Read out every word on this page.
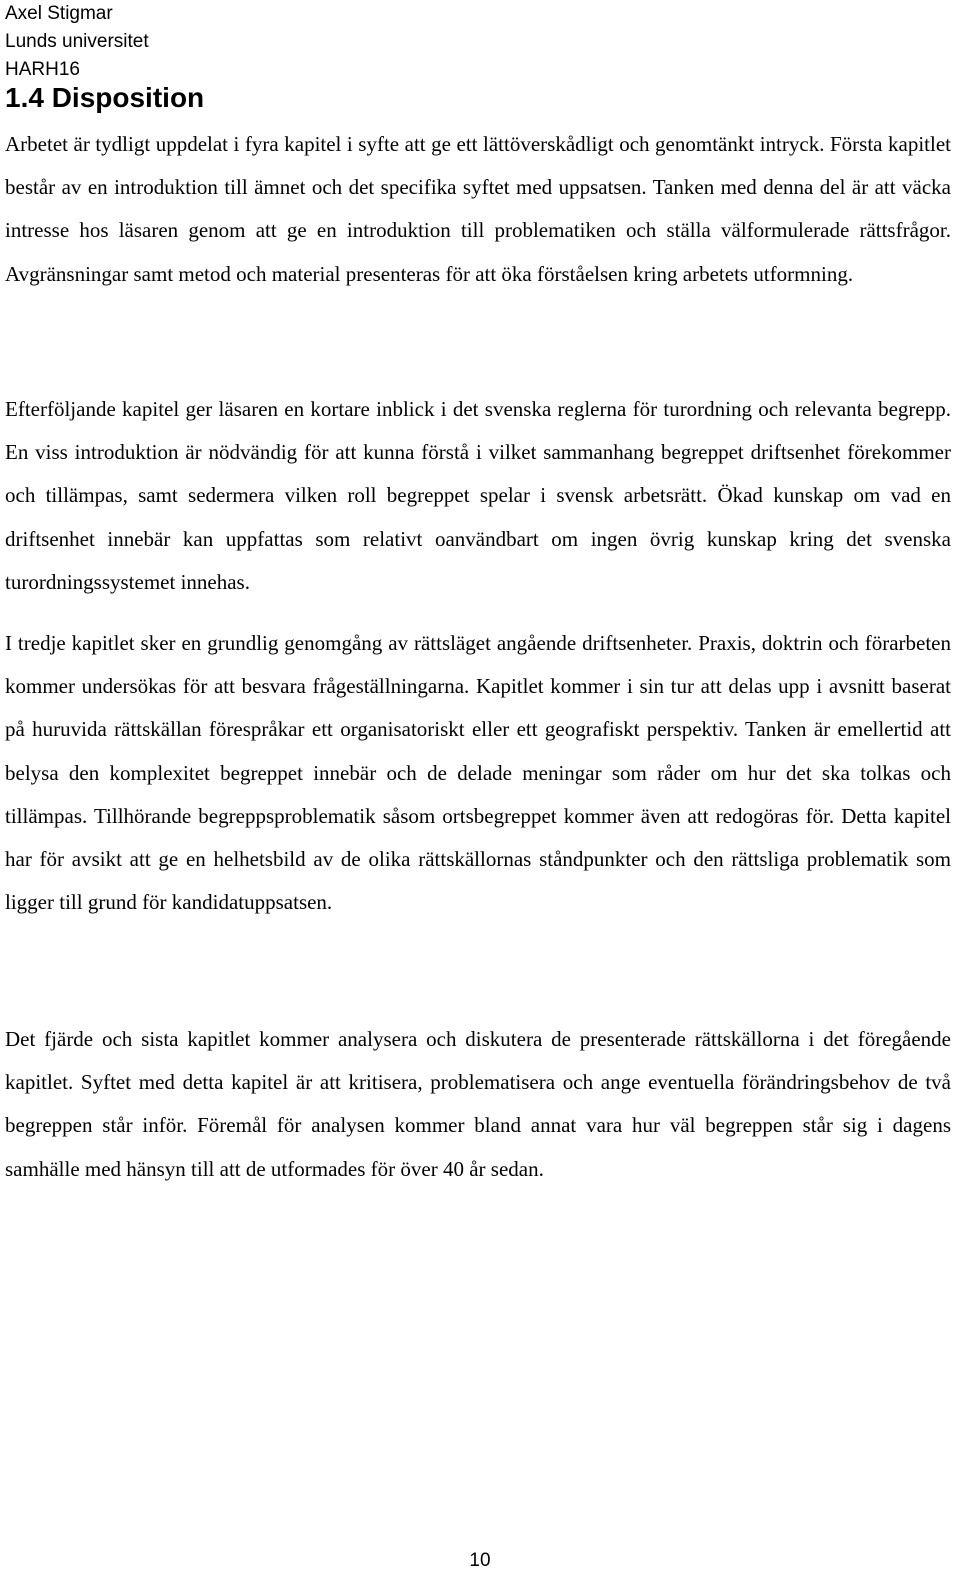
Axel Stigmar
Lunds universitet
HARH16
1.4 Disposition

Arbetet är tydligt uppdelat i fyra kapitel i syfte att ge ett lättöverskådligt och genomtänkt intryck. Första kapitlet består av en introduktion till ämnet och det specifika syftet med uppsatsen. Tanken med denna del är att väcka intresse hos läsaren genom att ge en introduktion till problematiken och ställa välformulerade rättsfrågor. Avgränsningar samt metod och material presenteras för att öka förståelsen kring arbetets utformning.

Efterföljande kapitel ger läsaren en kortare inblick i det svenska reglerna för turordning och relevanta begrepp. En viss introduktion är nödvändig för att kunna förstå i vilket sammanhang begreppet driftsenhet förekommer och tillämpas, samt sedermera vilken roll begreppet spelar i svensk arbetsrätt. Ökad kunskap om vad en driftsenhet innebär kan uppfattas som relativt oanvändbart om ingen övrig kunskap kring det svenska turordningssystemet innehas.

I tredje kapitlet sker en grundlig genomgång av rättsläget angående driftsenheter. Praxis, doktrin och förarbeten kommer undersökas för att besvara frågeställningarna. Kapitlet kommer i sin tur att delas upp i avsnitt baserat på huruvida rättskällan förespråkar ett organisatoriskt eller ett geografiskt perspektiv. Tanken är emellertid att belysa den komplexitet begreppet innebär och de delade meningar som råder om hur det ska tolkas och tillämpas. Tillhörande begreppsproblematik såsom ortsbegreppet kommer även att redogöras för. Detta kapitel har för avsikt att ge en helhetsbild av de olika rättskällornas ståndpunkter och den rättsliga problematik som ligger till grund för kandidatuppsatsen.

Det fjärde och sista kapitlet kommer analysera och diskutera de presenterade rättskällorna i det föregående kapitlet. Syftet med detta kapitel är att kritisera, problematisera och ange eventuella förändringsbehov de två begreppen står inför. Föremål för analysen kommer bland annat vara hur väl begreppen står sig i dagens samhälle med hänsyn till att de utformades för över 40 år sedan.

10
